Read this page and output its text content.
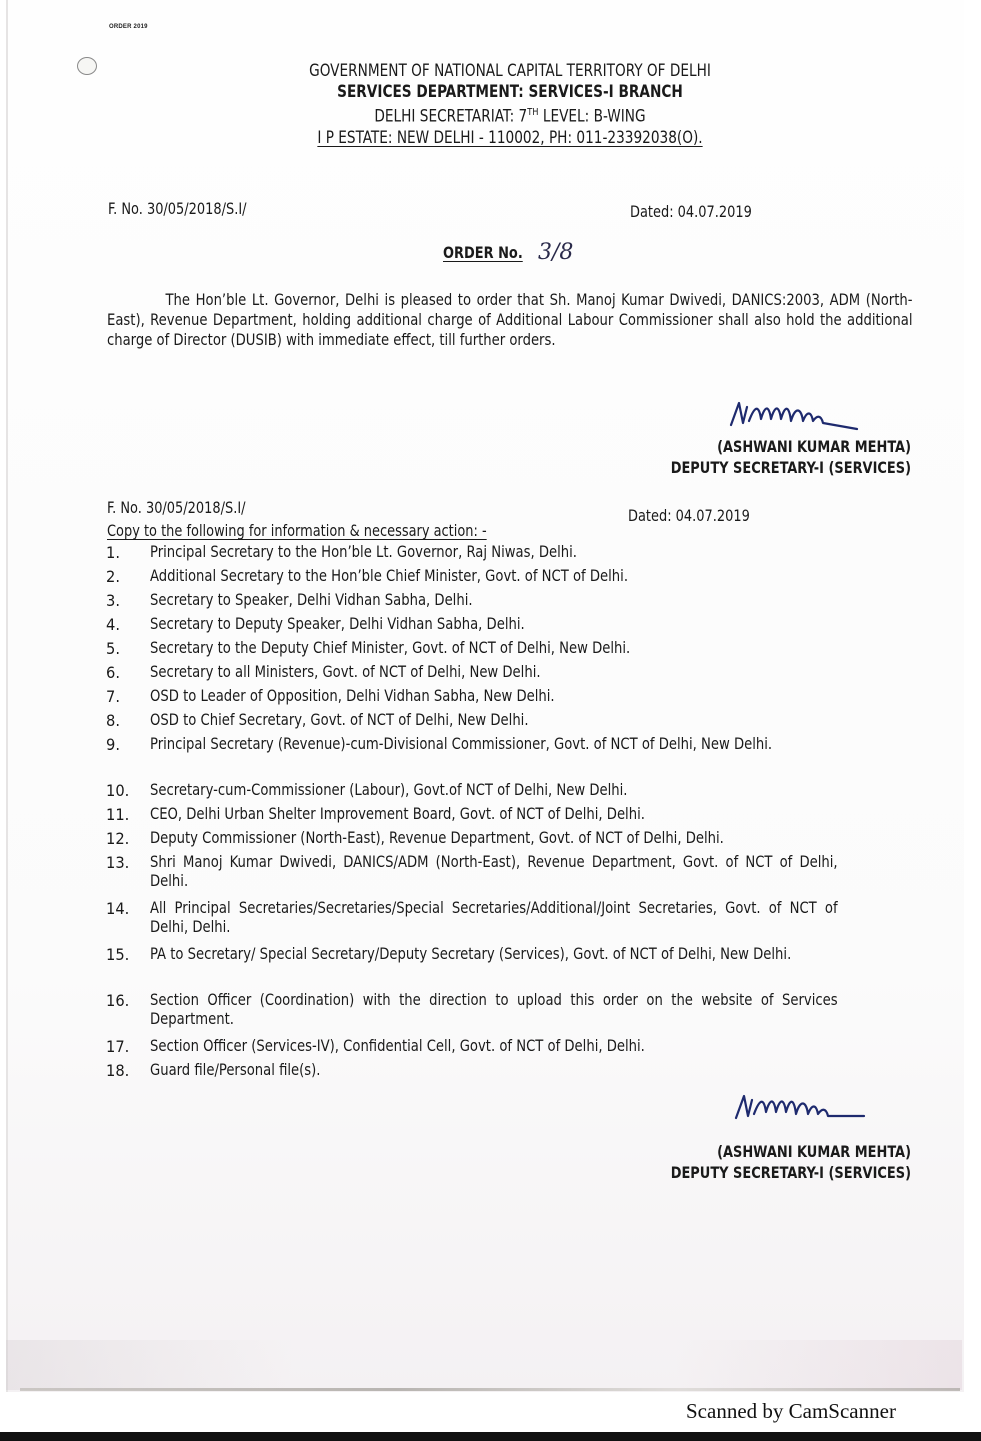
ORDER 2019
GOVERNMENT OF NATIONAL CAPITAL TERRITORY OF DELHI
SERVICES DEPARTMENT: SERVICES-I BRANCH
DELHI SECRETARIAT: 7TH LEVEL: B-WING
I P ESTATE: NEW DELHI - 110002, PH: 011-23392038(O).
F. No. 30/05/2018/S.I/	Dated: 04.07.2019
ORDER No. 3/8
The Hon’ble Lt. Governor, Delhi is pleased to order that Sh. Manoj Kumar Dwivedi, DANICS:2003, ADM (North-East), Revenue Department, holding additional charge of Additional Labour Commissioner shall also hold the additional charge of Director (DUSIB) with immediate effect, till further orders.
(ASHWANI KUMAR MEHTA)
DEPUTY SECRETARY-I (SERVICES)
F. No. 30/05/2018/S.I/	Dated: 04.07.2019
Copy to the following for information & necessary action: -
1.	Principal Secretary to the Hon’ble Lt. Governor, Raj Niwas, Delhi.
2.	Additional Secretary to the Hon’ble Chief Minister, Govt. of NCT of Delhi.
3.	Secretary to Speaker, Delhi Vidhan Sabha, Delhi.
4.	Secretary to Deputy Speaker, Delhi Vidhan Sabha, Delhi.
5.	Secretary to the Deputy Chief Minister, Govt. of NCT of Delhi, New Delhi.
6.	Secretary to all Ministers, Govt. of NCT of Delhi, New Delhi.
7.	OSD to Leader of Opposition, Delhi Vidhan Sabha, New Delhi.
8.	OSD to Chief Secretary, Govt. of NCT of Delhi, New Delhi.
9.	Principal Secretary (Revenue)-cum-Divisional Commissioner, Govt. of NCT of Delhi, New Delhi.
10.	Secretary-cum-Commissioner (Labour), Govt.of NCT of Delhi, New Delhi.
11.	CEO, Delhi Urban Shelter Improvement Board, Govt. of NCT of Delhi, Delhi.
12.	Deputy Commissioner (North-East), Revenue Department, Govt. of NCT of Delhi, Delhi.
13.	Shri Manoj Kumar Dwivedi, DANICS/ADM (North-East), Revenue Department, Govt. of NCT of Delhi, Delhi.
14.	All Principal Secretaries/Secretaries/Special Secretaries/Additional/Joint Secretaries, Govt. of NCT of Delhi, Delhi.
15.	PA to Secretary/ Special Secretary/Deputy Secretary (Services), Govt. of NCT of Delhi, New Delhi.
16.	Section Officer (Coordination) with the direction to upload this order on the website of Services Department.
17.	Section Officer (Services-IV), Confidential Cell, Govt. of NCT of Delhi, Delhi.
18.	Guard file/Personal file(s).
(ASHWANI KUMAR MEHTA)
DEPUTY SECRETARY-I (SERVICES)
Scanned by CamScanner
